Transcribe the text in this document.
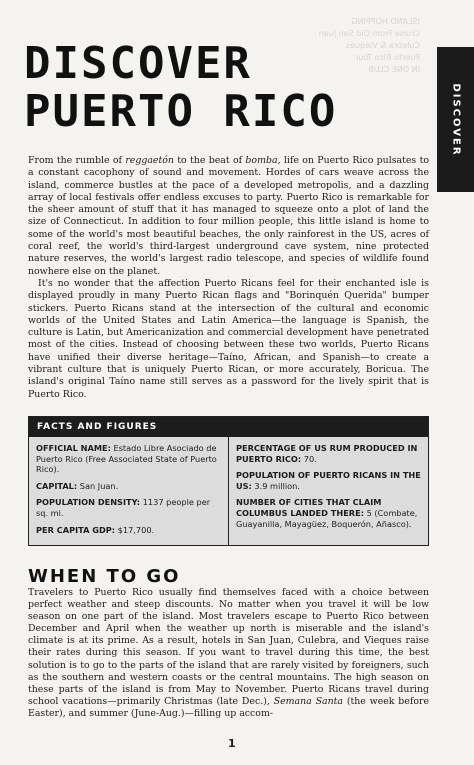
ISLAND HOPPING
Cruise From Old San Juan
Culebra & Vieques
Puerto Rico Tour
IN ONE CLUB
DISCOVER
PUERTO RICO	DISCOVER

From the rumble of reggaetón to the beat of bomba, life on Puerto Rico pulsates to a constant cacophony of sound and movement. Hordes of cars weave across the island, commerce bustles at the pace of a developed metropolis, and a dazzling array of local festivals offer endless excuses to party. Puerto Rico is remarkable for the sheer amount of stuff that it has managed to squeeze onto a plot of land the size of Connecticut. In addition to four million people, this little island is home to some of the world's most beautiful beaches, the only rainforest in the US, acres of coral reef, the world's third-largest underground cave system, nine protected nature reserves, the world's largest radio telescope, and species of wildlife found nowhere else on the planet.

It's no wonder that the affection Puerto Ricans feel for their enchanted isle is displayed proudly in many Puerto Rican flags and "Borinquén Querida" bumper stickers. Puerto Ricans stand at the intersection of the cultural and economic worlds of the United States and Latin America—the language is Spanish, the culture is Latin, but Americanization and commercial development have penetrated most of the cities. Instead of choosing between these two worlds, Puerto Ricans have unified their diverse heritage—Taíno, African, and Spanish—to create a vibrant culture that is uniquely Puerto Rican, or more accurately, Boricua. The island's original Taíno name still serves as a password for the lively spirit that is Puerto Rico.

FACTS AND FIGURES
OFFICIAL NAME: Estado Libre Asociado de Puerto Rico (Free Associated State of Puerto Rico).
CAPITAL: San Juan.
POPULATION DENSITY: 1137 people per sq. mi.
PER CAPITA GDP: $17,700.
PERCENTAGE OF US RUM PRODUCED IN PUERTO RICO: 70.
POPULATION OF PUERTO RICANS IN THE US: 3.9 million.
NUMBER OF CITIES THAT CLAIM COLUMBUS LANDED THERE: 5 (Combate, Guayanilla, Mayagüez, Boquerón, Añasco).
WHEN TO GO

Travelers to Puerto Rico usually find themselves faced with a choice between perfect weather and steep discounts. No matter when you travel it will be low season on one part of the island. Most travelers escape to Puerto Rico between December and April when the weather up north is miserable and the island's climate is at its prime. As a result, hotels in San Juan, Culebra, and Vieques raise their rates during this season. If you want to travel during this time, the best solution is to go to the parts of the island that are rarely visited by foreigners, such as the southern and western coasts or the central mountains. The high season on these parts of the island is from May to November. Puerto Ricans travel during school vacations—primarily Christmas (late Dec.), Semana Santa (the week before Easter), and summer (June-Aug.)—filling up accom-

1
